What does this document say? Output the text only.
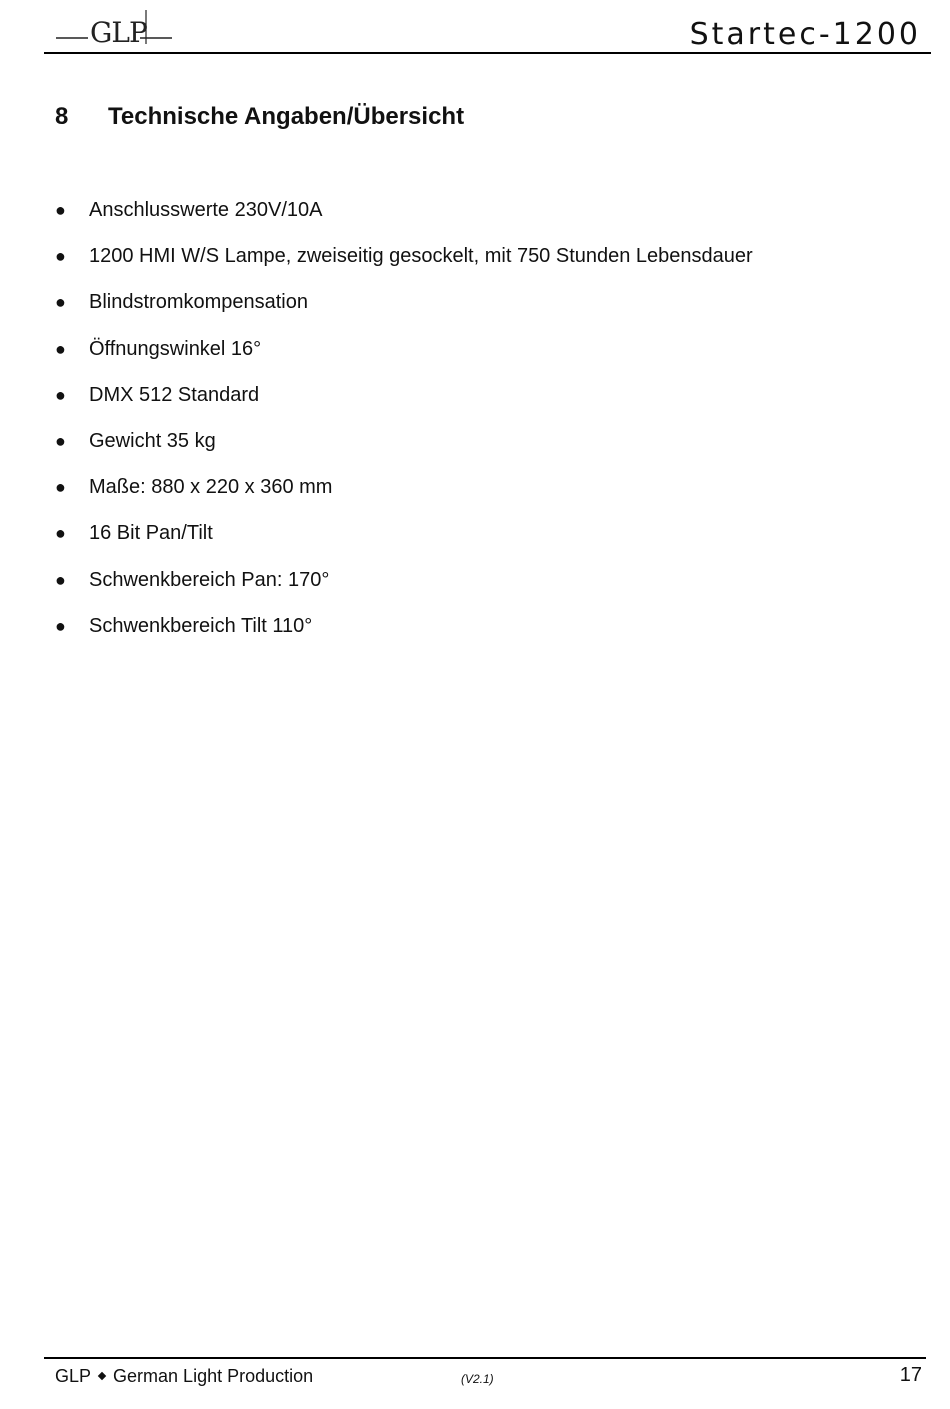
GLP	Startec-1200
8 Technische Angaben/Übersicht
● Anschlusswerte 230V/10A
● 1200 HMI W/S Lampe, zweiseitig gesockelt, mit 750 Stunden Lebensdauer
● Blindstromkompensation
● Öffnungswinkel 16°
● DMX 512 Standard
● Gewicht 35 kg
● Maße: 880 x 220 x 360 mm
● 16 Bit Pan/Tilt
● Schwenkbereich Pan: 170°
● Schwenkbereich Tilt 110°
GLP German Light Production	(V2.1)	17
